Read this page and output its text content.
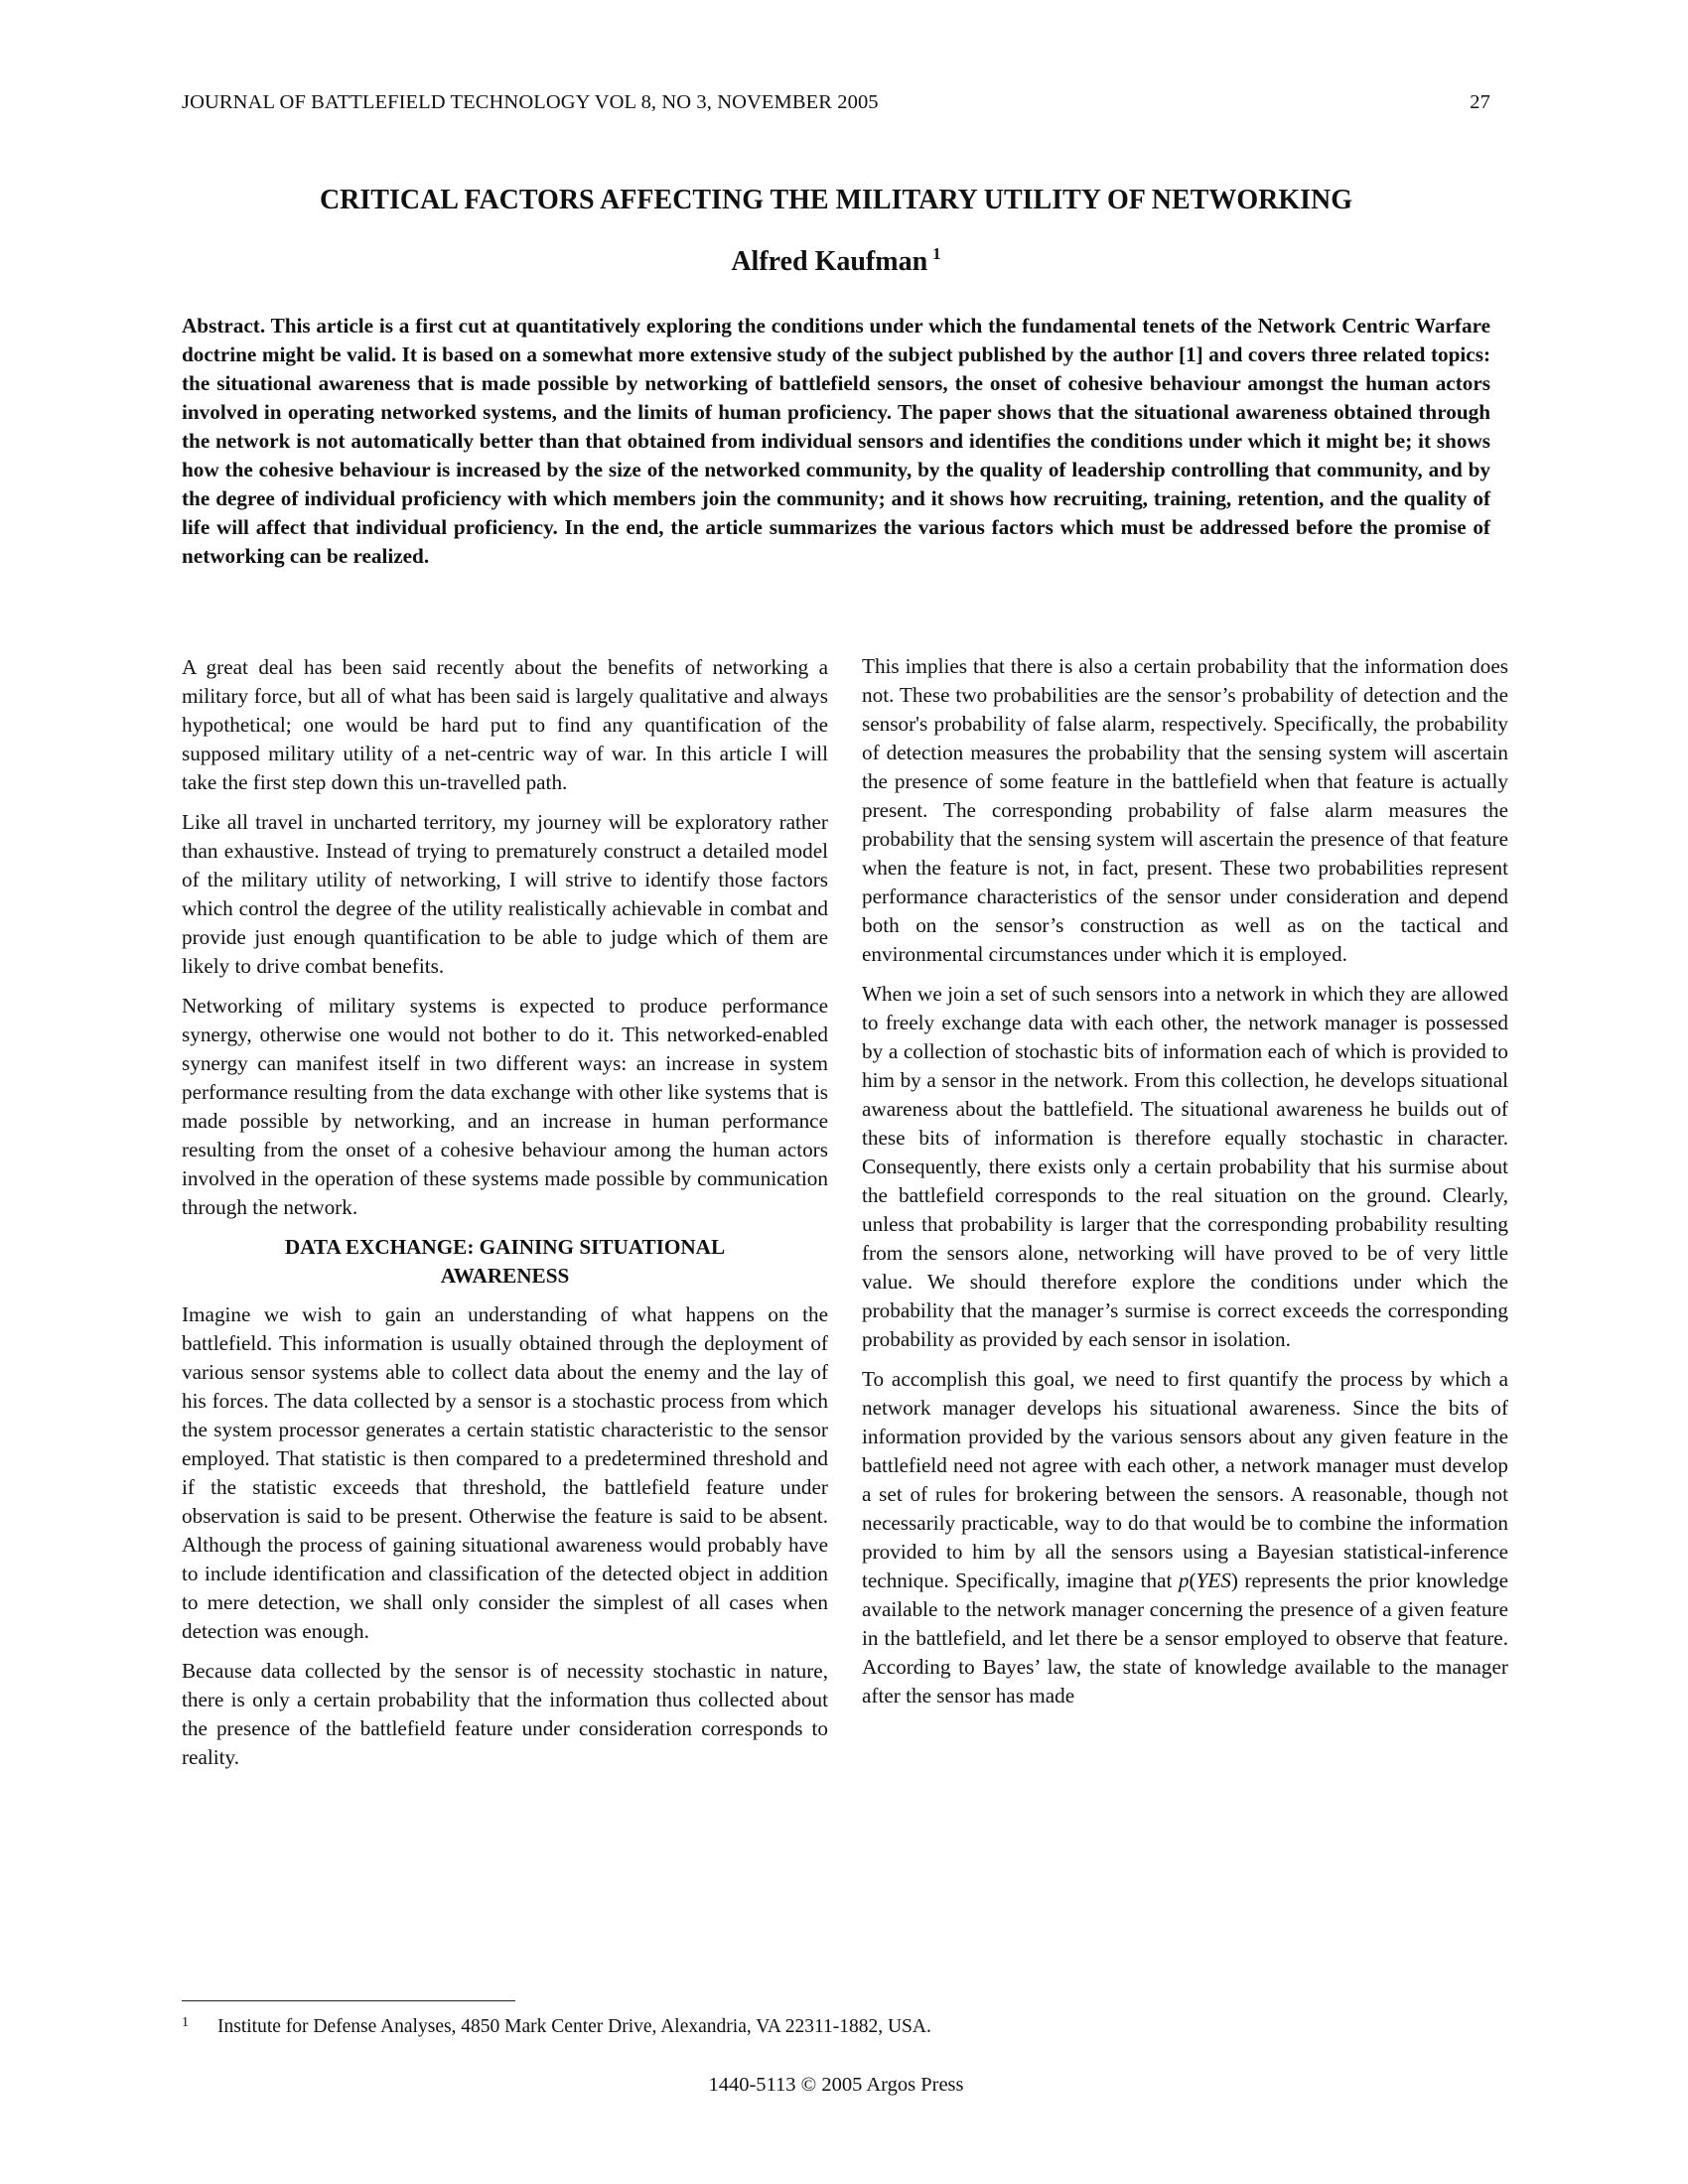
JOURNAL OF BATTLEFIELD TECHNOLOGY VOL 8, NO 3, NOVEMBER 2005	27
CRITICAL FACTORS AFFECTING THE MILITARY UTILITY OF NETWORKING
Alfred Kaufman $^1$

Abstract. This article is a first cut at quantitatively exploring the conditions under which the fundamental tenets of the Network Centric Warfare doctrine might be valid. It is based on a somewhat more extensive study of the subject published by the author [1] and covers three related topics: the situational awareness that is made possible by networking of battlefield sensors, the onset of cohesive behaviour amongst the human actors involved in operating networked systems, and the limits of human proficiency. The paper shows that the situational awareness obtained through the network is not automatically better than that obtained from individual sensors and identifies the conditions under which it might be; it shows how the cohesive behaviour is increased by the size of the networked community, by the quality of leadership controlling that community, and by the degree of individual proficiency with which members join the community; and it shows how recruiting, training, retention, and the quality of life will affect that individual proficiency. In the end, the article summarizes the various factors which must be addressed before the promise of networking can be realized.

A great deal has been said recently about the benefits of networking a military force, but all of what has been said is largely qualitative and always hypothetical; one would be hard put to find any quantification of the supposed military utility of a net-centric way of war. In this article I will take the first step down this un-travelled path.

Like all travel in uncharted territory, my journey will be exploratory rather than exhaustive. Instead of trying to prematurely construct a detailed model of the military utility of networking, I will strive to identify those factors which control the degree of the utility realistically achievable in combat and provide just enough quantification to be able to judge which of them are likely to drive combat benefits.

Networking of military systems is expected to produce performance synergy, otherwise one would not bother to do it. This networked-enabled synergy can manifest itself in two different ways: an increase in system performance resulting from the data exchange with other like systems that is made possible by networking, and an increase in human performance resulting from the onset of a cohesive behaviour among the human actors involved in the operation of these systems made possible by communication through the network.

DATA EXCHANGE: GAINING SITUATIONAL
AWARENESS

Imagine we wish to gain an understanding of what happens on the battlefield. This information is usually obtained through the deployment of various sensor systems able to collect data about the enemy and the lay of his forces. The data collected by a sensor is a stochastic process from which the system processor generates a certain statistic characteristic to the sensor employed. That statistic is then compared to a predetermined threshold and if the statistic exceeds that threshold, the battlefield feature under observation is said to be present. Otherwise the feature is said to be absent. Although the process of gaining situational awareness would probably have to include identification and classification of the detected object in addition to mere detection, we shall only consider the simplest of all cases when detection was enough.

Because data collected by the sensor is of necessity stochastic in nature, there is only a certain probability that the information thus collected about the presence of the battlefield feature under consideration corresponds to reality.

This implies that there is also a certain probability that the information does not. These two probabilities are the sensor’s probability of detection and the sensor's probability of false alarm, respectively. Specifically, the probability of detection measures the probability that the sensing system will ascertain the presence of some feature in the battlefield when that feature is actually present. The corresponding probability of false alarm measures the probability that the sensing system will ascertain the presence of that feature when the feature is not, in fact, present. These two probabilities represent performance characteristics of the sensor under consideration and depend both on the sensor’s construction as well as on the tactical and environmental circumstances under which it is employed.

When we join a set of such sensors into a network in which they are allowed to freely exchange data with each other, the network manager is possessed by a collection of stochastic bits of information each of which is provided to him by a sensor in the network. From this collection, he develops situational awareness about the battlefield. The situational awareness he builds out of these bits of information is therefore equally stochastic in character. Consequently, there exists only a certain probability that his surmise about the battlefield corresponds to the real situation on the ground. Clearly, unless that probability is larger that the corresponding probability resulting from the sensors alone, networking will have proved to be of very little value. We should therefore explore the conditions under which the probability that the manager’s surmise is correct exceeds the corresponding probability as provided by each sensor in isolation.

To accomplish this goal, we need to first quantify the process by which a network manager develops his situational awareness. Since the bits of information provided by the various sensors about any given feature in the battlefield need not agree with each other, a network manager must develop a set of rules for brokering between the sensors. A reasonable, though not necessarily practicable, way to do that would be to combine the information provided to him by all the sensors using a Bayesian statistical-inference technique. Specifically, imagine that p(YES) represents the prior knowledge available to the network manager concerning the presence of a given feature in the battlefield, and let there be a sensor employed to observe that feature. According to Bayes’ law, the state of knowledge available to the manager after the sensor has made

1 Institute for Defense Analyses, 4850 Mark Center Drive, Alexandria, VA 22311-1882, USA.
1440-5113 © 2005 Argos Press
